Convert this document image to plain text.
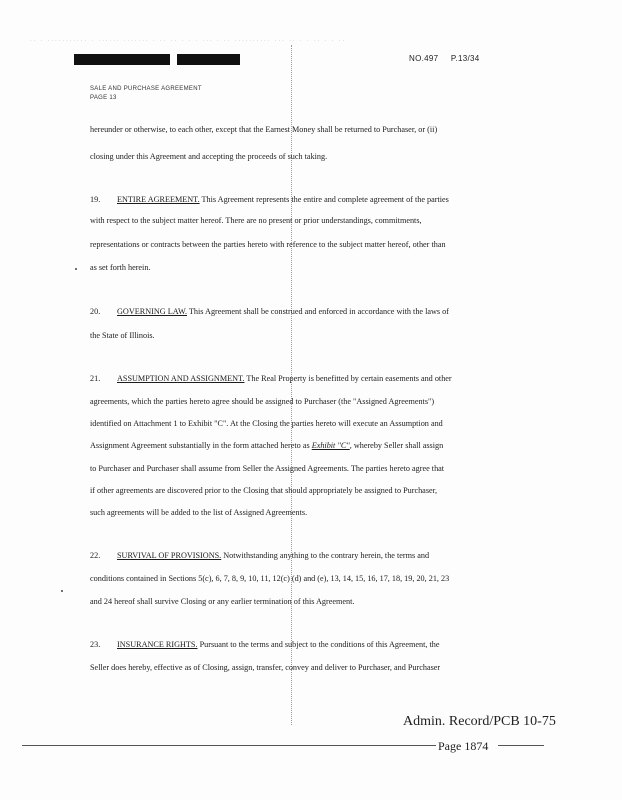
·· · ··········· · ······ ······· · ·· ·· · · · ··· · ·· ·········· ··· ·· · · ·· · · ··
NO.497 P.13/34
SALE AND PURCHASE AGREEMENT
PAGE 13
hereunder or otherwise, to each other, except that the Earnest Money shall be returned to Purchaser, or (ii)
closing under this Agreement and accepting the proceeds of such taking.
19. ENTIRE AGREEMENT. This Agreement represents the entire and complete agreement of the parties
with respect to the subject matter hereof. There are no present or prior understandings, commitments,
representations or contracts between the parties hereto with reference to the subject matter hereof, other than
as set forth herein.
20. GOVERNING LAW. This Agreement shall be construed and enforced in accordance with the laws of
the State of Illinois.
21. ASSUMPTION AND ASSIGNMENT. The Real Property is benefitted by certain easements and other
agreements, which the parties hereto agree should be assigned to Purchaser (the "Assigned Agreements")
identified on Attachment 1 to Exhibit "C". At the Closing the parties hereto will execute an Assumption and
Assignment Agreement substantially in the form attached hereto as Exhibit "C", whereby Seller shall assign
to Purchaser and Purchaser shall assume from Seller the Assigned Agreements. The parties hereto agree that
if other agreements are discovered prior to the Closing that should appropriately be assigned to Purchaser,
such agreements will be added to the list of Assigned Agreements.
22. SURVIVAL OF PROVISIONS. Notwithstanding anything to the contrary herein, the terms and
conditions contained in Sections 5(c), 6, 7, 8, 9, 10, 11, 12(c) (d) and (e), 13, 14, 15, 16, 17, 18, 19, 20, 21, 23
and 24 hereof shall survive Closing or any earlier termination of this Agreement.
23. INSURANCE RIGHTS. Pursuant to the terms and subject to the conditions of this Agreement, the
Seller does hereby, effective as of Closing, assign, transfer, convey and deliver to Purchaser, and Purchaser
Admin. Record/PCB 10-75
Page 1874
